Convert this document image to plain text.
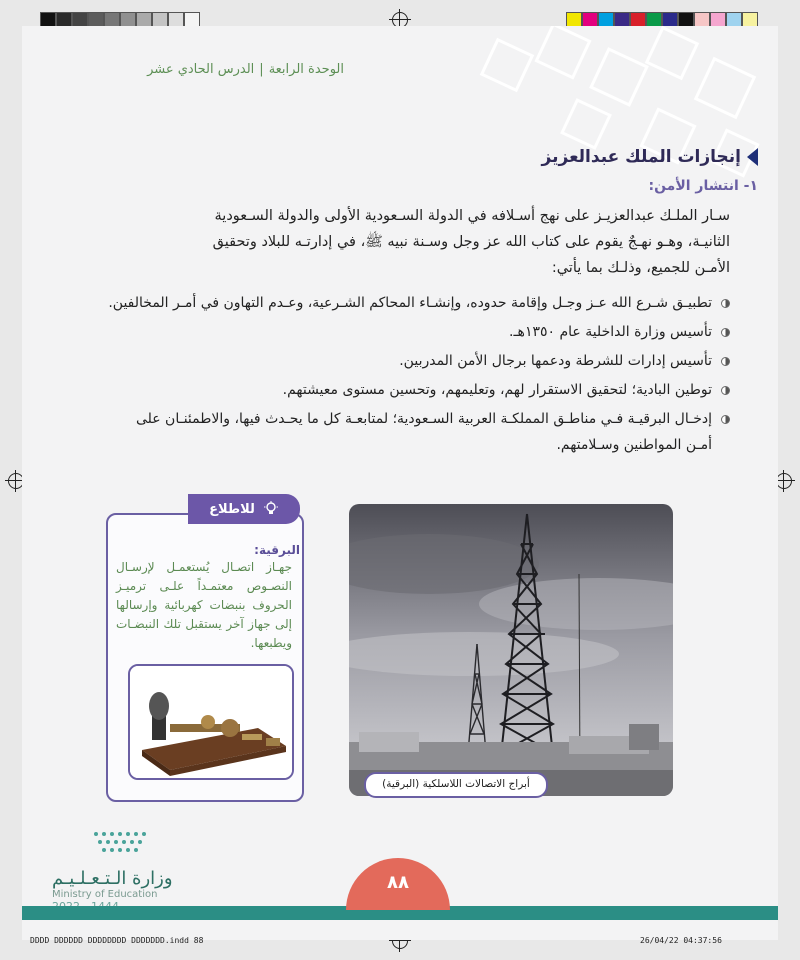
الوحدة الرابعة|الدرس الحادي عشر
إنجازات الملك عبدالعزيز
١- انتشار الأمن:
سـار الملـك عبدالعزيـز على نهج أسـلافه في الدولة السـعودية الأولى والدولة السـعودية
الثانيـة، وهـو نهـجٌ يقوم على كتاب الله عز وجل وسـنة نبيه ﷺ، في إدارتـه للبلاد وتحقيق
الأمـن للجميع، وذلـك بما يأتي:
تطبيـق شـرع الله عـز وجـل وإقامة حدوده، وإنشـاء المحاكم الشـرعية، وعـدم التهاون في أمـر المخالفين.
تأسيس وزارة الداخلية عام ١٣٥٠هـ.
تأسيس إدارات للشرطة ودعمها برجال الأمن المدربين.
توطين البادية؛ لتحقيق الاستقرار لهم، وتعليمهم، وتحسين مستوى معيشتهم.
إدخـال البرقيـة فـي مناطـق المملكـة العربية السـعودية؛ لمتابعـة كل ما يحـدث فيها، والاطمئنـان على أمـن المواطنين وسـلامتهم.
للاطلاع
البرقية:
جهـاز اتصـال يُستعمـل لإرسـال النصـوص معتمـداً علـى ترميـز الحروف بنبضات كهربائية وإرسالها إلى جهاز آخر يستقبل تلك النبضـات ويطبعها.
أبراج الاتصالات اللاسلكية (البرقية)
وزارة الـتـعـلـيـم
Ministry of Education
٨٨
DDDD DDDDDD DDDDDDDD DDDDDDD.indd 88	26/04/22 04:37:56
